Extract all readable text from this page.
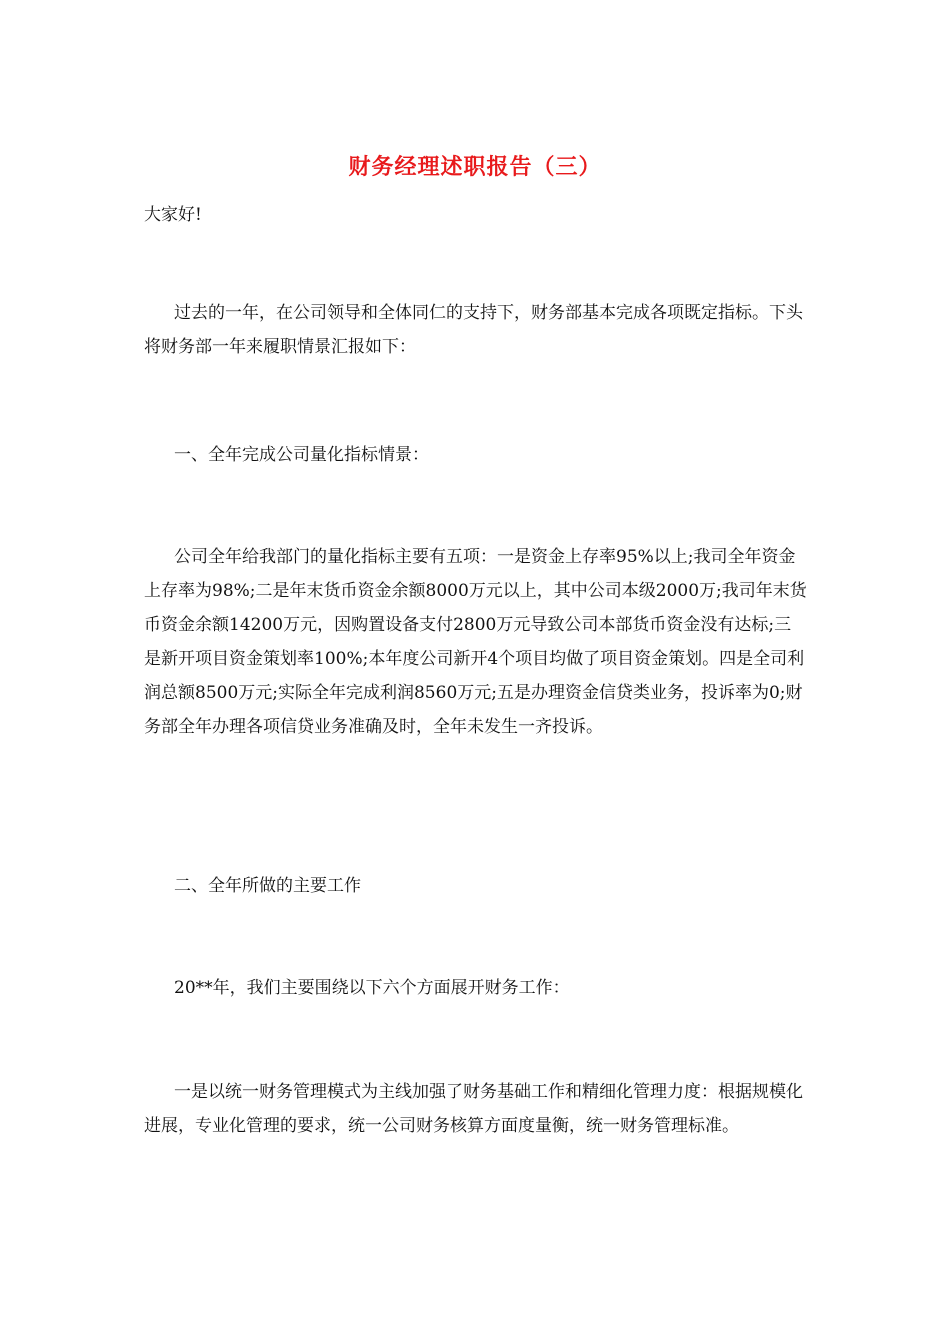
财务经理述职报告（三）

大家好!

过去的一年，在公司领导和全体同仁的支持下，财务部基本完成各项既定指标。下头将财务部一年来履职情景汇报如下：

一、全年完成公司量化指标情景：

公司全年给我部门的量化指标主要有五项：一是资金上存率95%以上;我司全年资金上存率为98%;二是年末货币资金余额8000万元以上，其中公司本级2000万;我司年末货币资金余额14200万元，因购置设备支付2800万元导致公司本部货币资金没有达标;三是新开项目资金策划率100%;本年度公司新开4个项目均做了项目资金策划。四是全司利润总额8500万元;实际全年完成利润8560万元;五是办理资金信贷类业务，投诉率为0;财务部全年办理各项信贷业务准确及时，全年未发生一齐投诉。

二、全年所做的主要工作

20**年，我们主要围绕以下六个方面展开财务工作：

一是以统一财务管理模式为主线加强了财务基础工作和精细化管理力度：根据规模化进展，专业化管理的要求，统一公司财务核算方面度量衡，统一财务管理标准。
